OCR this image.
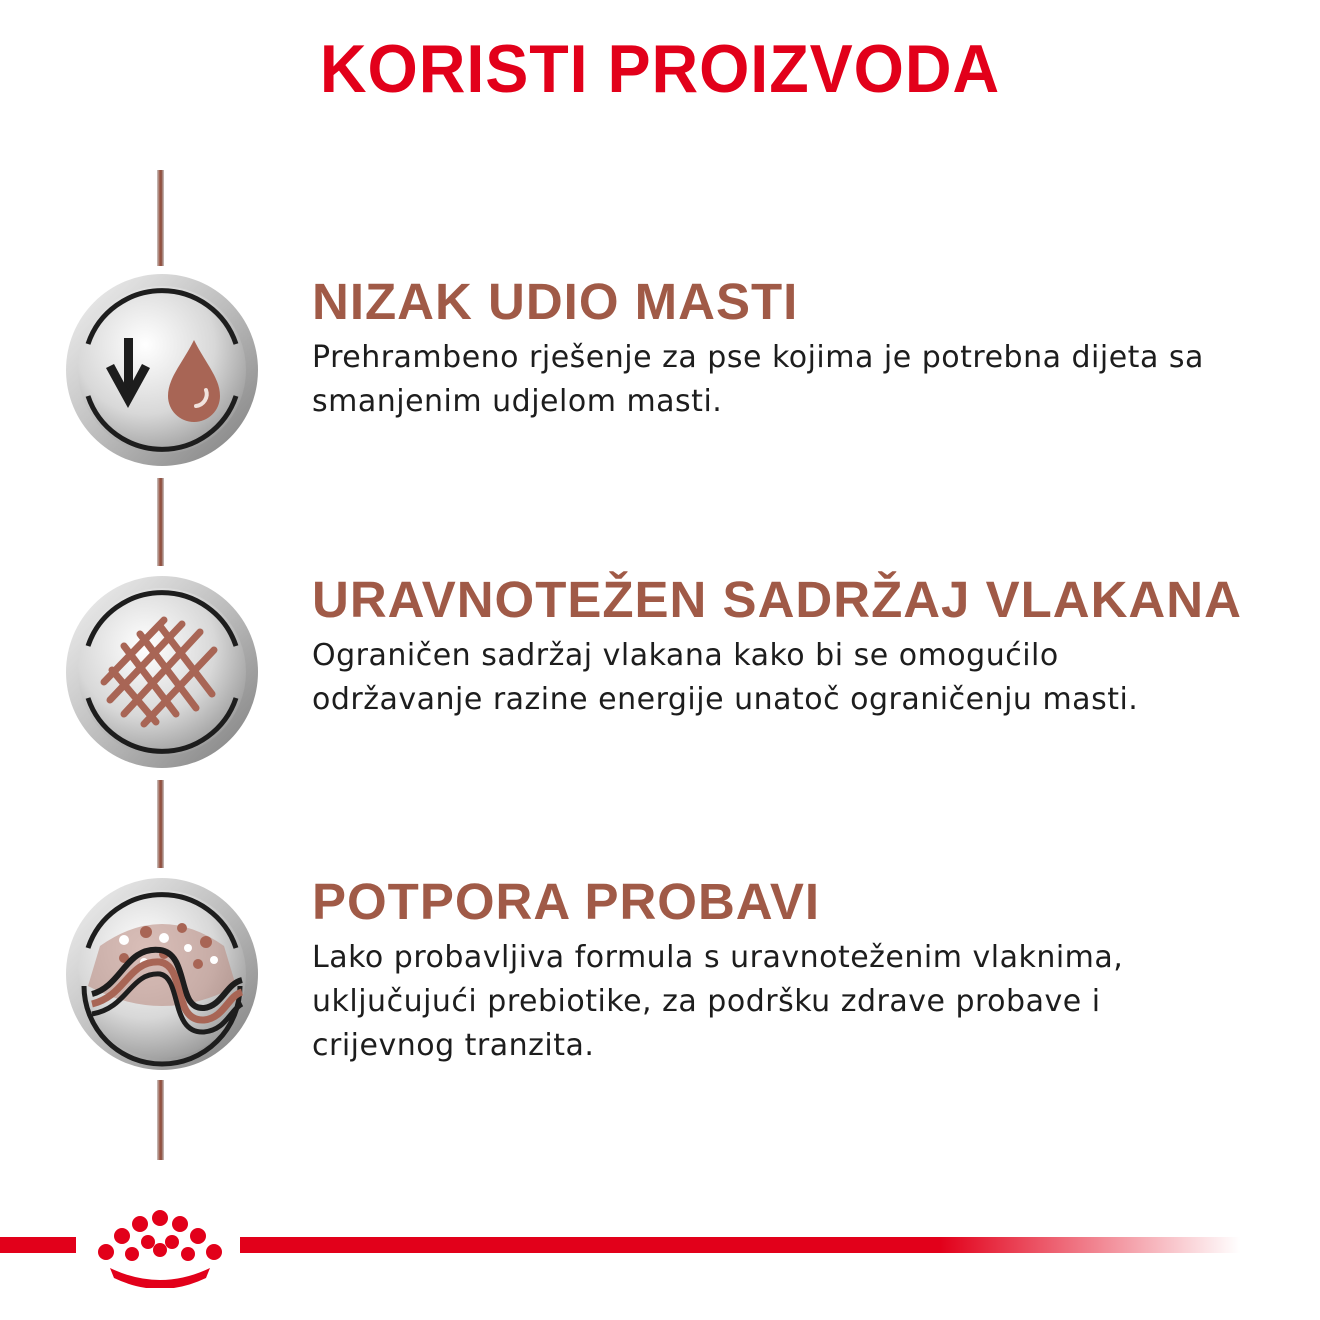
KORISTI PROIZVODA
NIZAK UDIO MASTI

Prehrambeno rješenje za pse kojima je potrebna dijeta sa
smanjenim udjelom masti.

URAVNOTEŽEN SADRŽAJ VLAKANA

Ograničen sadržaj vlakana kako bi se omogućilo
održavanje razine energije unatoč ograničenju masti.

POTPORA PROBAVI

Lako probavljiva formula s uravnoteženim vlaknima,
uključujući prebiotike, za podršku zdrave probave i
crijevnog tranzita.
